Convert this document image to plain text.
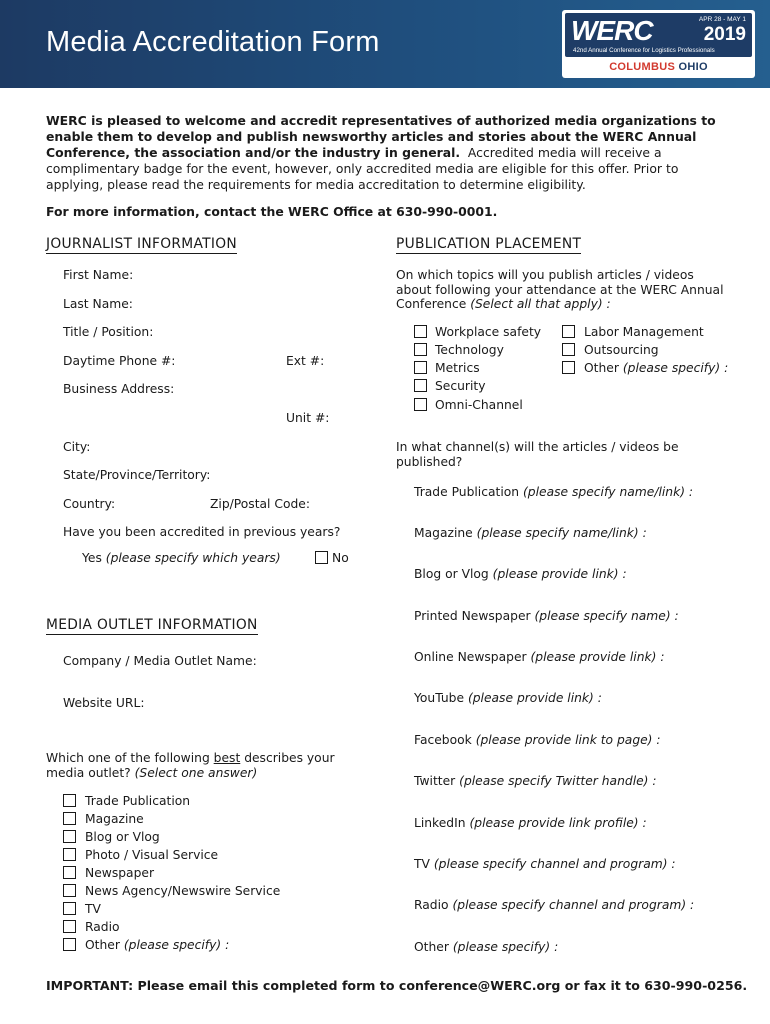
Media Accreditation Form	WERC	APR 28 - MAY 1
2019
42nd Annual Conference for Logistics Professionals
COLUMBUS OHIO
WERC is pleased to welcome and accredit representatives of authorized media organizations to enable them to develop and publish newsworthy articles and stories about the WERC Annual Conference, the association and/or the industry in general. Accredited media will receive a complimentary badge for the event, however, only accredited media are eligible for this offer. Prior to applying, please read the requirements for media accreditation to determine eligibility.
For more information, contact the WERC Office at 630-990-0001.
JOURNALIST INFORMATION
First Name:
Last Name:
Title / Position:
Daytime Phone #:	Ext #:
Business Address:
Unit #:
City:
State/Province/Territory:
Country:	Zip/Postal Code:
Have you been accredited in previous years?
Yes (please specify which years)	No
MEDIA OUTLET INFORMATION
Company / Media Outlet Name:
Website URL:
Which one of the following best describes your media outlet? (Select one answer)
Trade Publication
Magazine
Blog or Vlog
Photo / Visual Service
Newspaper
News Agency/Newswire Service
TV
Radio
Other (please specify) :
PUBLICATION PLACEMENT
On which topics will you publish articles / videos about following your attendance at the WERC Annual Conference (Select all that apply) :
Workplace safety
Technology
Metrics
Security
Omni-Channel
Labor Management
Outsourcing
Other (please specify) :
In what channel(s) will the articles / videos be published?
Trade Publication (please specify name/link) :
Magazine (please specify name/link) :
Blog or Vlog (please provide link) :
Printed Newspaper (please specify name) :
Online Newspaper (please provide link) :
YouTube (please provide link) :
Facebook (please provide link to page) :
Twitter (please specify Twitter handle) :
LinkedIn (please provide link profile) :
TV (please specify channel and program) :
Radio (please specify channel and program) :
Other (please specify) :
IMPORTANT: Please email this completed form to conference@WERC.org or fax it to 630-990-0256.
